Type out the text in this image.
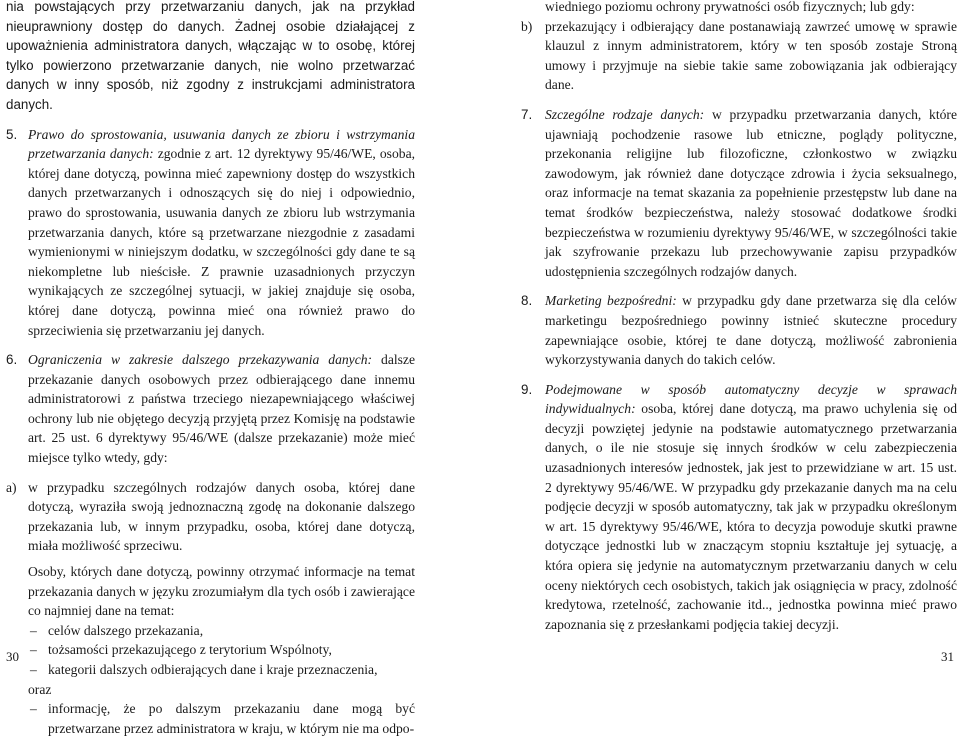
nia powstających przy przetwarzaniu danych, jak na przykład nieuprawniony dostęp do danych. Żadnej osobie działającej z upoważnienia administratora danych, włączając w to osobę, której tylko powierzono przetwarzanie danych, nie wolno przetwarzać danych w inny sposób, niż zgodny z instrukcjami administratora danych.

5. Prawo do sprostowania, usuwania danych ze zbioru i wstrzymania przetwarzania danych: zgodnie z art. 12 dyrektywy 95/46/WE, osoba, której dane dotyczą, powinna mieć zapewniony dostęp do wszystkich danych przetwarzanych i odnoszących się do niej i odpowiednio, prawo do sprostowania, usuwania danych ze zbioru lub wstrzymania przetwarzania danych, które są przetwarzane niezgodnie z zasadami wymienionymi w niniejszym dodatku, w szczególności gdy dane te są niekompletne lub nieścisłe. Z prawnie uzasadnionych przyczyn wynikających ze szczególnej sytuacji, w jakiej znajduje się osoba, której dane dotyczą, powinna mieć ona również prawo do sprzeciwienia się przetwarzaniu jej danych.

6. Ograniczenia w zakresie dalszego przekazywania danych: dalsze przekazanie danych osobowych przez odbierającego dane innemu administratorowi z państwa trzeciego niezapewniającego właściwej ochrony lub nie objętego decyzją przyjętą przez Komisję na podstawie art. 25 ust. 6 dyrektywy 95/46/WE (dalsze przekazanie) może mieć miejsce tylko wtedy, gdy:

a) w przypadku szczególnych rodzajów danych osoba, której dane dotyczą, wyraziła swoją jednoznaczną zgodę na dokonanie dalszego przekazania lub, w innym przypadku, osoba, której dane dotyczą, miała możliwość sprzeciwu.

Osoby, których dane dotyczą, powinny otrzymać informacje na temat przekazania danych w języku zrozumiałym dla tych osób i zawierające co najmniej dane na temat:

– celów dalszego przekazania,

– tożsamości przekazującego z terytorium Wspólnoty,

– kategorii dalszych odbierających dane i kraje przeznaczenia,

oraz

– informację, że po dalszym przekazaniu dane mogą być przetwarzane przez administratora w kraju, w którym nie ma odpo-

wiedniego poziomu ochrony prywatności osób fizycznych; lub gdy:

b) przekazujący i odbierający dane postanawiają zawrzeć umowę w sprawie klauzul z innym administratorem, który w ten sposób zostaje Stroną umowy i przyjmuje na siebie takie same zobowiązania jak odbierający dane.

7. Szczególne rodzaje danych: w przypadku przetwarzania danych, które ujawniają pochodzenie rasowe lub etniczne, poglądy polityczne, przekonania religijne lub filozoficzne, członkostwo w związku zawodowym, jak również dane dotyczące zdrowia i życia seksualnego, oraz informacje na temat skazania za popełnienie przestępstw lub dane na temat środków bezpieczeństwa, należy stosować dodatkowe środki bezpieczeństwa w rozumieniu dyrektywy 95/46/WE, w szczególności takie jak szyfrowanie przekazu lub przechowywanie zapisu przypadków udostępnienia szczególnych rodzajów danych.

8. Marketing bezpośredni: w przypadku gdy dane przetwarza się dla celów marketingu bezpośredniego powinny istnieć skuteczne procedury zapewniające osobie, której te dane dotyczą, możliwość zabronienia wykorzystywania danych do takich celów.

9. Podejmowane w sposób automatyczny decyzje w sprawach indywidualnych: osoba, której dane dotyczą, ma prawo uchylenia się od decyzji powziętej jedynie na podstawie automatycznego przetwarzania danych, o ile nie stosuje się innych środków w celu zabezpieczenia uzasadnionych interesów jednostek, jak jest to przewidziane w art. 15 ust. 2 dyrektywy 95/46/WE. W przypadku gdy przekazanie danych ma na celu podjęcie decyzji w sposób automatyczny, tak jak w przypadku określonym w art. 15 dyrektywy 95/46/WE, która to decyzja powoduje skutki prawne dotyczące jednostki lub w znaczącym stopniu kształtuje jej sytuację, a która opiera się jedynie na automatycznym przetwarzaniu danych w celu oceny niektórych cech osobistych, takich jak osiągnięcia w pracy, zdolność kredytowa, rzetelność, zachowanie itd.., jednostka powinna mieć prawo zapoznania się z przesłankami podjęcia takiej decyzji.

30	31
